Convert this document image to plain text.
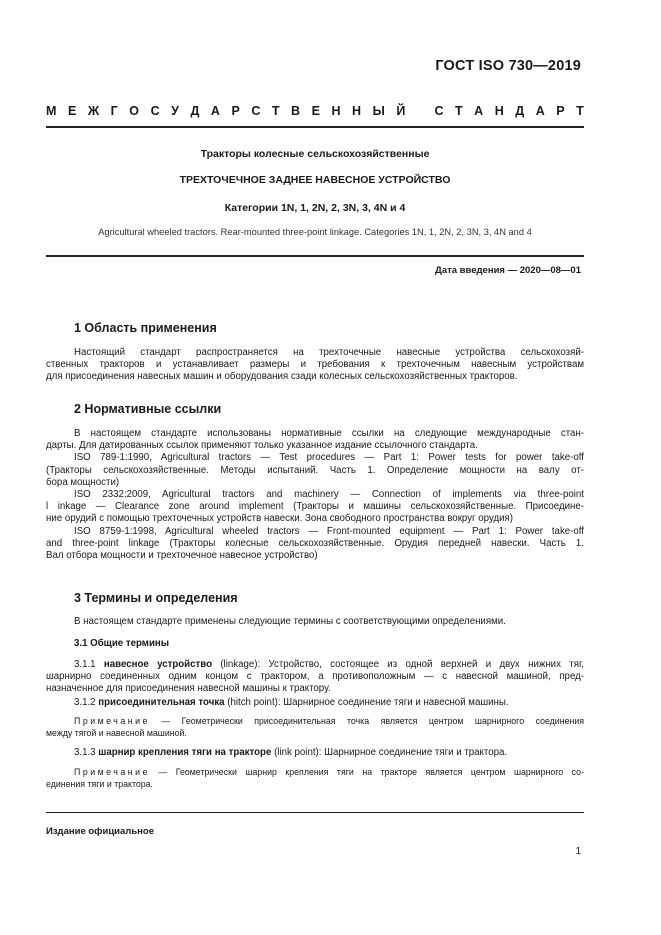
ГОСТ ISO 730—2019
М Е Ж Г О С У Д А Р С Т В Е Н Н Ы Й С Т А Н Д А Р Т
Тракторы колесные сельскохозяйственные
ТРЕХТОЧЕЧНОЕ ЗАДНЕЕ НАВЕСНОЕ УСТРОЙСТВО
Категории 1N, 1, 2N, 2, 3N, 3, 4N и 4
Agricultural wheeled tractors. Rear-mounted three-point linkage. Categories 1N, 1, 2N, 2, 3N, 3, 4N and 4
Дата введения — 2020—08—01
1 Область применения
Настоящий стандарт распространяется на трехточечные навесные устройства сельскохозяй-
ственных тракторов и устанавливает размеры и требования к трехточечным навесным устройствам
для присоединения навесных машин и оборудования сзади колесных сельскохозяйственных тракторов.
2 Нормативные ссылки
В настоящем стандарте использованы нормативные ссылки на следующие международные стан-
дарты. Для датированных ссылок применяют только указанное издание ссылочного стандарта.
ISO 789-1:1990, Agricultural tractors — Test procedures — Part 1: Power tests for power take-off
(Тракторы сельскохозяйственные. Методы испытаний. Часть 1. Определение мощности на валу от-
бора мощности)
ISO 2332:2009, Agricultural tractors and machinery — Connection of implements via three-point
l inkage — Clearance zone around implement (Тракторы и машины сельскохозяйственные. Присоедине-
ние орудий с помощью трехточечных устройств навески. Зона свободного пространства вокруг орудия)
ISO 8759-1:1998, Agricultural wheeled tractors — Front-mounted equipment — Part 1: Power take-off
and three-point linkage (Тракторы колесные сельскохозяйственные. Орудия передней навески. Часть 1.
Вал отбора мощности и трехточечное навесное устройство)
3 Термины и определения
В настоящем стандарте применены следующие термины с соответствующими определениями.
3.1 Общие термины
3.1.1 навесное устройство (linkage): Устройство, состоящее из одной верхней и двух нижних тяг,
шарнирно соединенных одним концом с трактором, а противоположным — с навесной машиной, пред-
назначенное для присоединения навесной машины к трактору.
3.1.2 присоединительная точка (hitch point): Шарнирное соединение тяги и навесной машины.
Примечание — Геометрически присоединительная точка является центром шарнирного соединения
между тягой и навесной машиной.
3.1.3 шарнир крепления тяги на тракторе (link point): Шарнирное соединение тяги и трактора.
Примечание — Геометрически шарнир крепления тяги на тракторе является центром шарнирного со-
единения тяги и трактора.
Издание официальное
1
